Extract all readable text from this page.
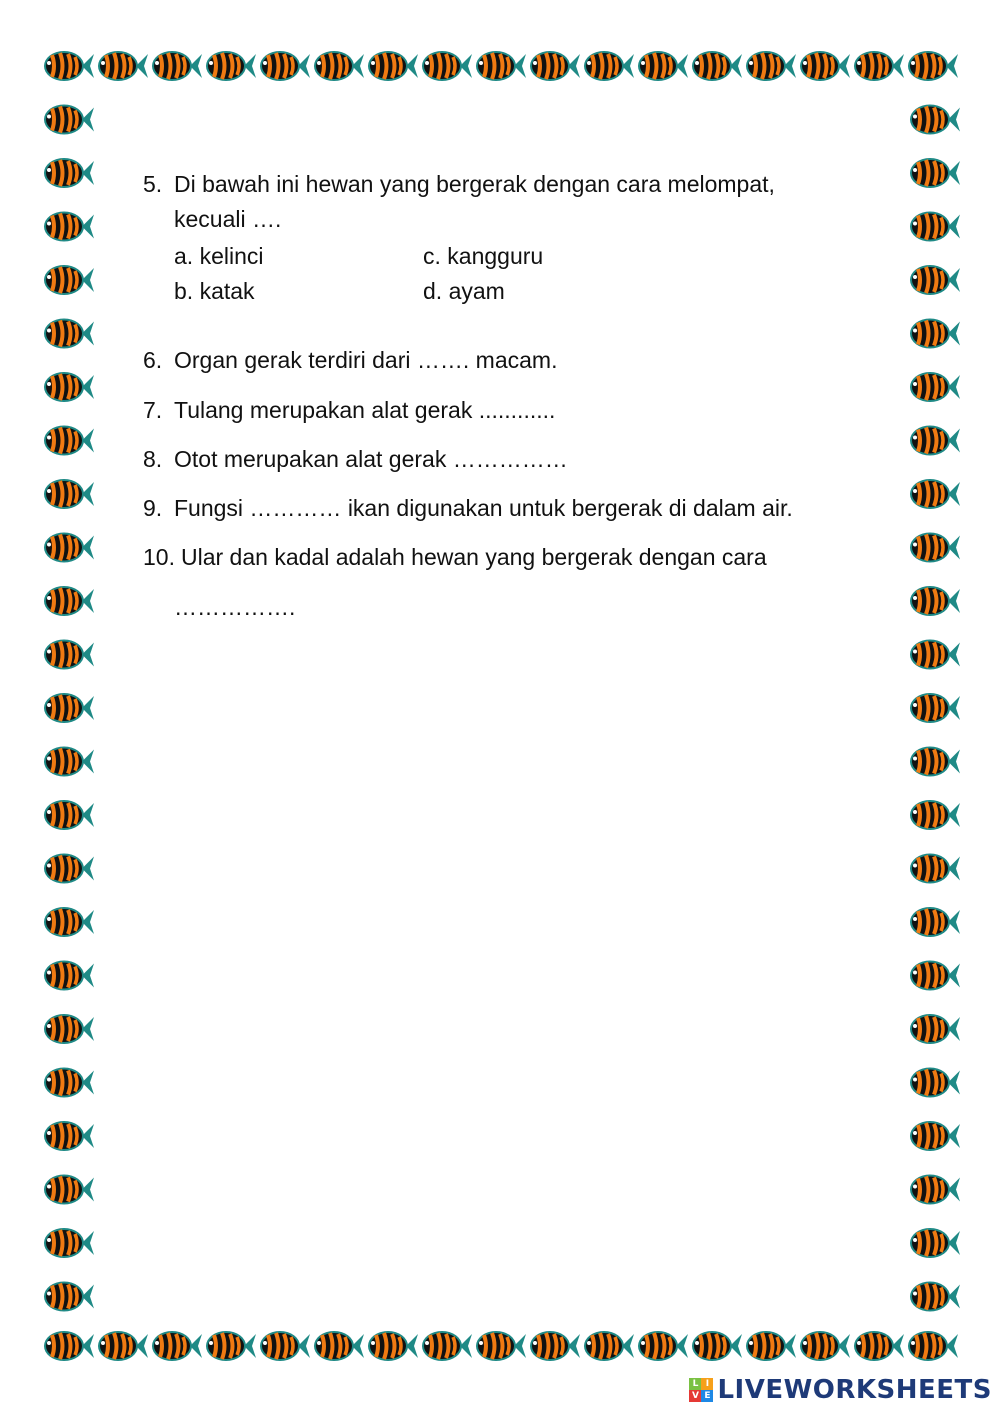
5. Di bawah ini hewan yang bergerak dengan cara melompat,
kecuali ….
a. kelinci	c. kangguru
b. katak	d. ayam
6. Organ gerak terdiri dari ……. macam.
7. Tulang merupakan alat gerak ............
8. Otot merupakan alat gerak ……………
9. Fungsi ………… ikan digunakan untuk bergerak di dalam air.
10. Ular dan kadal adalah hewan yang bergerak dengan cara
…………….
L I
V E LIVEWORKSHEETS
